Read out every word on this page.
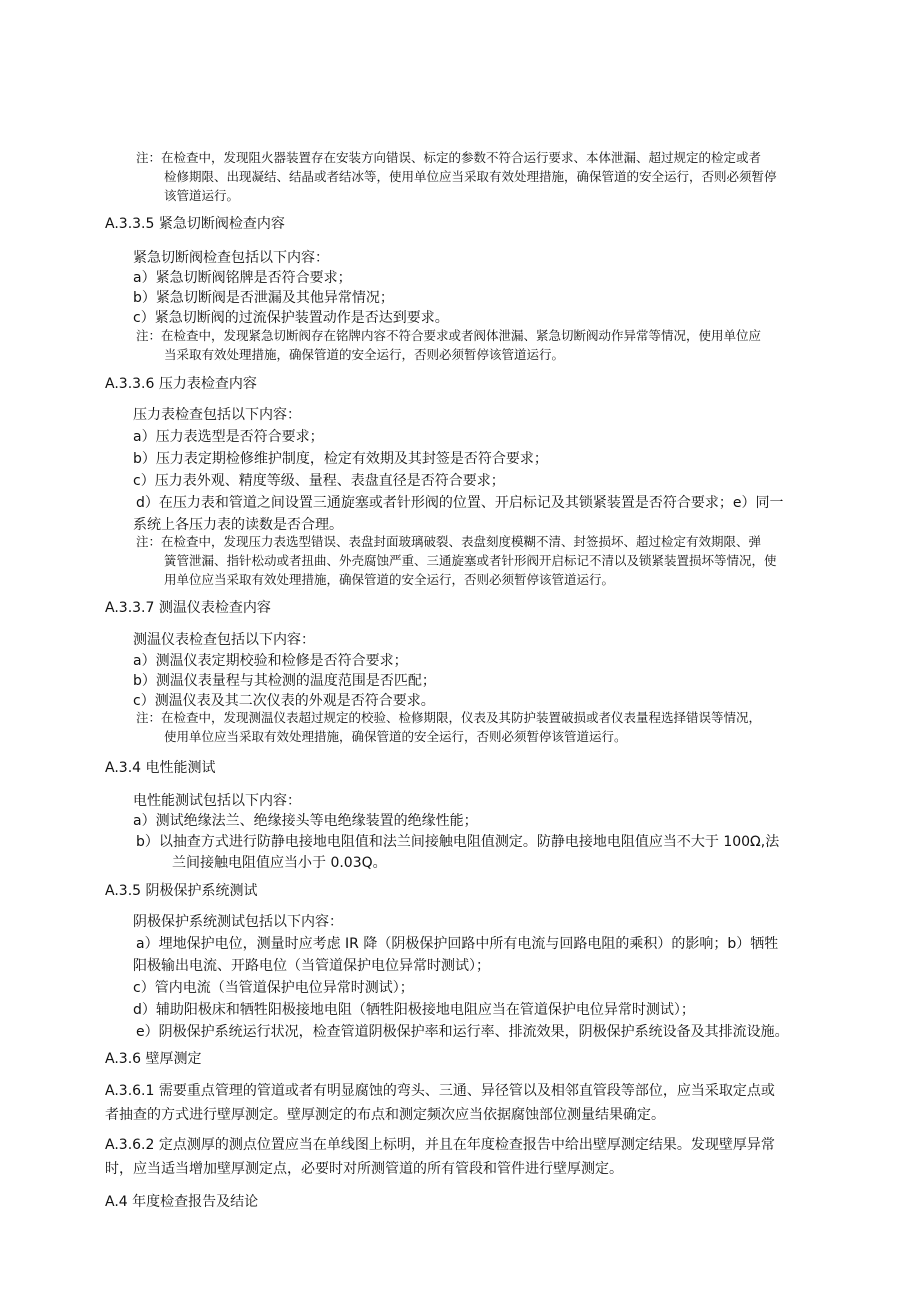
注：在检查中，发现阻火器装置存在安装方向错误、标定的参数不符合运行要求、本体泄漏、超过规定的检定或者
检修期限、出现凝结、结晶或者结冰等，使用单位应当采取有效处理措施，确保管道的安全运行，否则必须暂停
该管道运行。
A.3.3.5 紧急切断阀检查内容
紧急切断阀检查包括以下内容：
a）紧急切断阀铭牌是否符合要求；
b）紧急切断阀是否泄漏及其他异常情况；
c）紧急切断阀的过流保护装置动作是否达到要求。
注：在检查中，发现紧急切断阀存在铭牌内容不符合要求或者阀体泄漏、紧急切断阀动作异常等情况，使用单位应
当采取有效处理措施，确保管道的安全运行，否则必须暂停该管道运行。
A.3.3.6 压力表检查内容
压力表检查包括以下内容：
a）压力表选型是否符合要求；
b）压力表定期检修维护制度，检定有效期及其封签是否符合要求；
c）压力表外观、精度等级、量程、表盘直径是否符合要求；
d）在压力表和管道之间设置三通旋塞或者针形阀的位置、开启标记及其锁紧装置是否符合要求；e）同一
系统上各压力表的读数是否合理。
注：在检查中，发现压力表选型错误、表盘封面玻璃破裂、表盘刻度模糊不清、封签损坏、超过检定有效期限、弹
簧管泄漏、指针松动或者扭曲、外壳腐蚀严重、三通旋塞或者针形阀开启标记不清以及锁紧装置损坏等情况，使
用单位应当采取有效处理措施，确保管道的安全运行，否则必须暂停该管道运行。
A.3.3.7 测温仪表检查内容
测温仪表检查包括以下内容：
a）测温仪表定期校验和检修是否符合要求；
b）测温仪表量程与其检测的温度范围是否匹配；
c）测温仪表及其二次仪表的外观是否符合要求。
注：在检查中，发现测温仪表超过规定的校验、检修期限，仪表及其防护装置破损或者仪表量程选择错误等情况，
使用单位应当采取有效处理措施，确保管道的安全运行，否则必须暂停该管道运行。
A.3.4 电性能测试
电性能测试包括以下内容：
a）测试绝缘法兰、绝缘接头等电绝缘装置的绝缘性能；
b）以抽查方式进行防静电接地电阻值和法兰间接触电阻值测定。防静电接地电阻值应当不大于 100Ω,法
兰间接触电阻值应当小于 0.03Q。
A.3.5 阴极保护系统测试
阴极保护系统测试包括以下内容：
a）埋地保护电位，测量时应考虑 IR 降（阴极保护回路中所有电流与回路电阻的乘积）的影响；b）牺牲
阳极输出电流、开路电位（当管道保护电位异常时测试）；
c）管内电流（当管道保护电位异常时测试）；
d）辅助阳极床和牺牲阳极接地电阻（牺牲阳极接地电阻应当在管道保护电位异常时测试）；
e）阴极保护系统运行状况，检查管道阴极保护率和运行率、排流效果，阴极保护系统设备及其排流设施。
A.3.6 壁厚测定
A.3.6.1 需要重点管理的管道或者有明显腐蚀的弯头、三通、异径管以及相邻直管段等部位，应当采取定点或
者抽查的方式进行壁厚测定。壁厚测定的布点和测定频次应当依据腐蚀部位测量结果确定。
A.3.6.2 定点测厚的测点位置应当在单线图上标明，并且在年度检查报告中给出壁厚测定结果。发现壁厚异常
时，应当适当增加壁厚测定点，必要时对所测管道的所有管段和管件进行壁厚测定。
A.4 年度检查报告及结论
